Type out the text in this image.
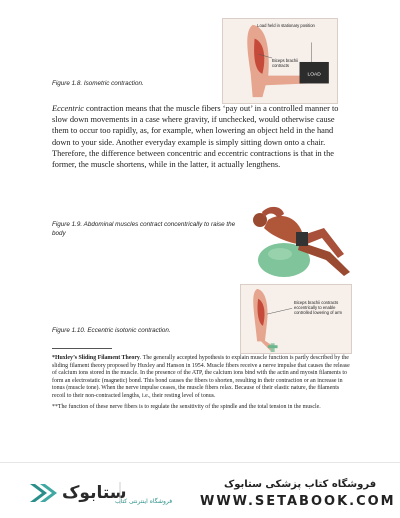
LOAD
Load held in stationary position
Biceps brachii contracts
Figure 1.8. Isometric contraction.

Eccentric contraction means that the muscle fibers ‘pay out’ in a controlled manner to slow down movements in a case where gravity, if unchecked, would otherwise cause them to occur too rapidly, as, for example, when lowering an object held in the hand down to your side. Another everyday example is simply sitting down onto a chair. Therefore, the difference between concentric and eccentric contractions is that in the former, the muscle shortens, while in the latter, it actually lengthens.

Figure 1.9. Abdominal muscles contract concentrically to raise the body
Biceps brachii contracts eccentrically to enable controlled lowering of arm
Figure 1.10. Eccentric isotonic contraction.

*Huxley’s Sliding Filament Theory. The generally accepted hypothesis to explain muscle function is partly described by the sliding filament theory proposed by Huxley and Hanson in 1954. Muscle fibers receive a nerve impulse that causes the release of calcium ions stored in the muscle. In the presence of the ATP, the calcium ions bind with the actin and myosin filaments to form an electrostatic (magnetic) bond. This bond causes the fibers to shorten, resulting in their contraction or an increase in tonus (muscle tone). When the nerve impulse ceases, the muscle fibers relax. Because of their elastic nature, the filaments recoil to their non-contracted lengths, i.e., their resting level of tonus.

**The function of these nerve fibers is to regulate the sensitivity of the spindle and the total tension in the muscle.

ستابوک
فروشگاه اینترنتی کتاب
فروشگاه کتاب پزشکی ستابوک
WWW.SETABOOK.COM
